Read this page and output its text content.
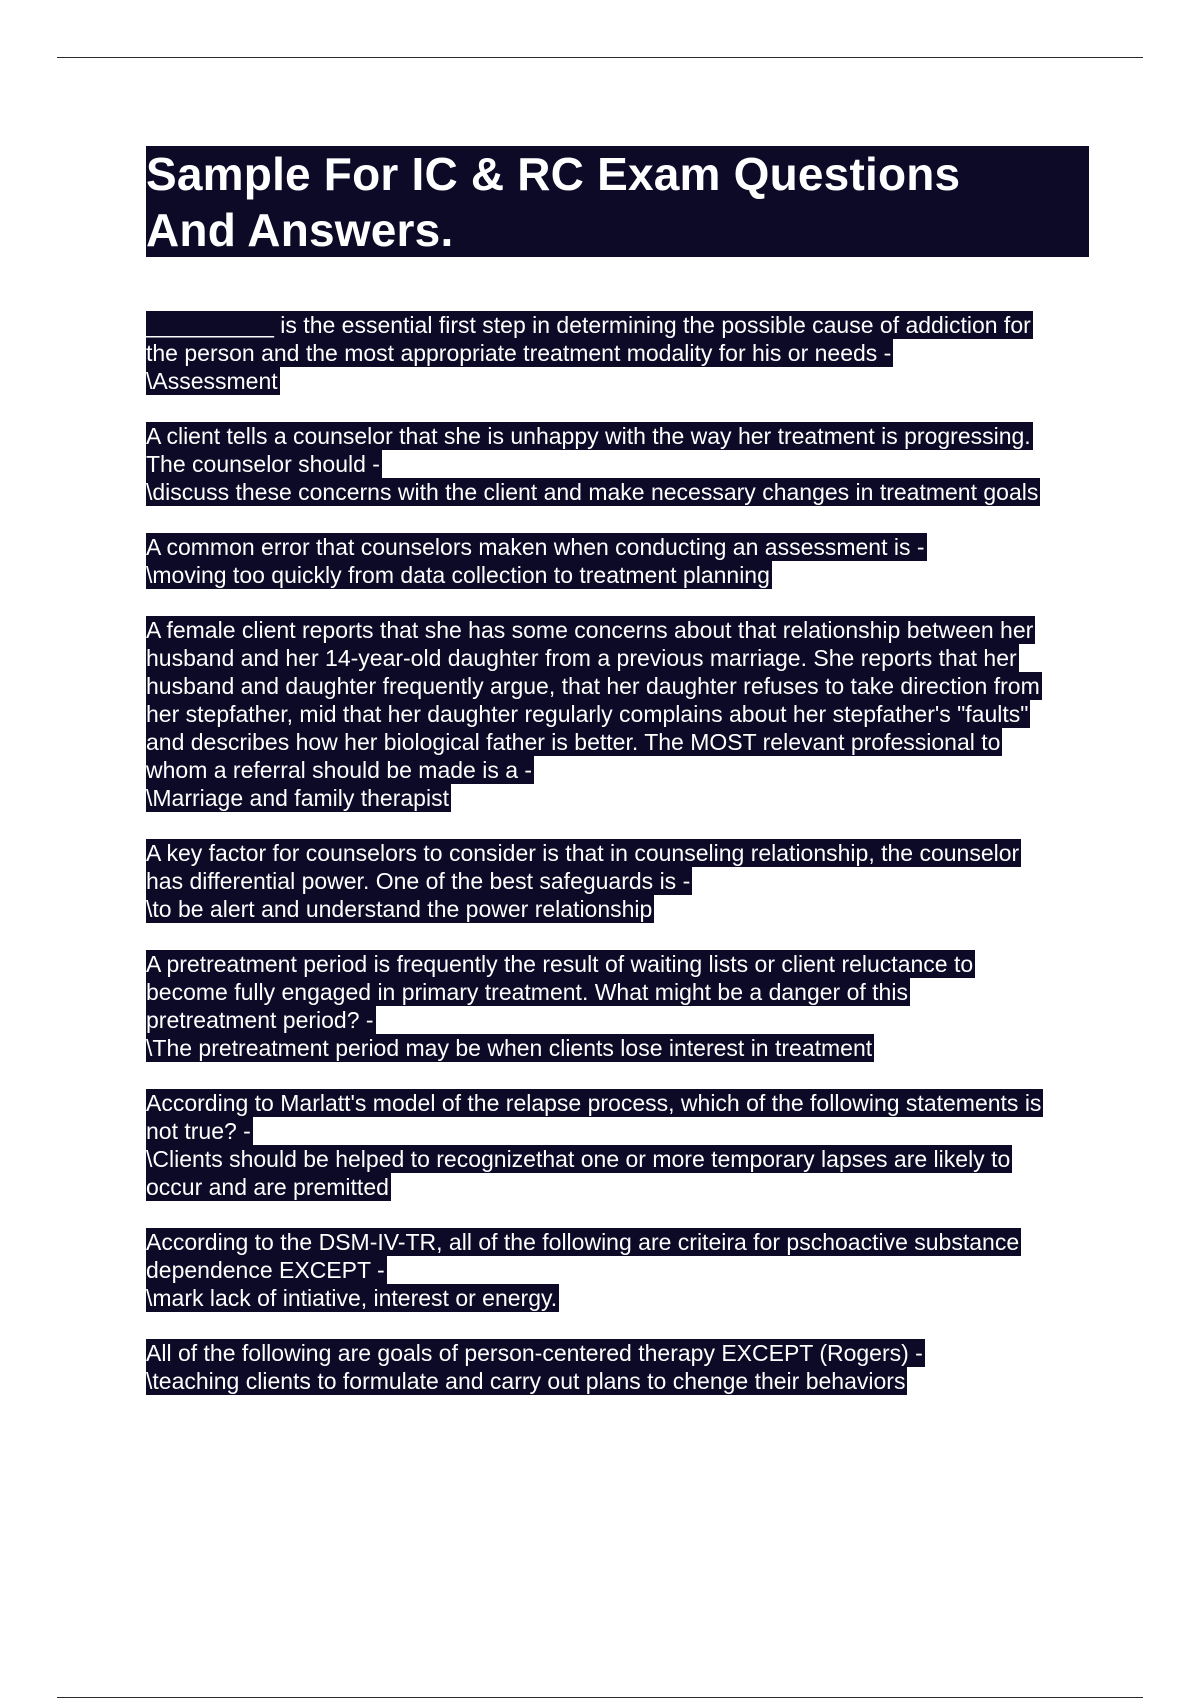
Sample For IC & RC Exam Questions
And Answers.
__________ is the essential first step in determining the possible cause of addiction for
the person and the most appropriate treatment modality for his or needs -
\Assessment
A client tells a counselor that she is unhappy with the way her treatment is progressing.
The counselor should -
\discuss these concerns with the client and make necessary changes in treatment goals
A common error that counselors maken when conducting an assessment is -
\moving too quickly from data collection to treatment planning
A female client reports that she has some concerns about that relationship between her
husband and her 14-year-old daughter from a previous marriage. She reports that her
husband and daughter frequently argue, that her daughter refuses to take direction from
her stepfather, mid that her daughter regularly complains about her stepfather's "faults"
and describes how her biological father is better. The MOST relevant professional to
whom a referral should be made is a -
\Marriage and family therapist
A key factor for counselors to consider is that in counseling relationship, the counselor
has differential power. One of the best safeguards is -
\to be alert and understand the power relationship
A pretreatment period is frequently the result of waiting lists or client reluctance to
become fully engaged in primary treatment. What might be a danger of this
pretreatment period? -
\The pretreatment period may be when clients lose interest in treatment
According to Marlatt's model of the relapse process, which of the following statements is
not true? -
\Clients should be helped to recognizethat one or more temporary lapses are likely to
occur and are premitted
According to the DSM-IV-TR, all of the following are criteira for pschoactive substance
dependence EXCEPT -
\mark lack of intiative, interest or energy.
All of the following are goals of person-centered therapy EXCEPT (Rogers) -
\teaching clients to formulate and carry out plans to chenge their behaviors
